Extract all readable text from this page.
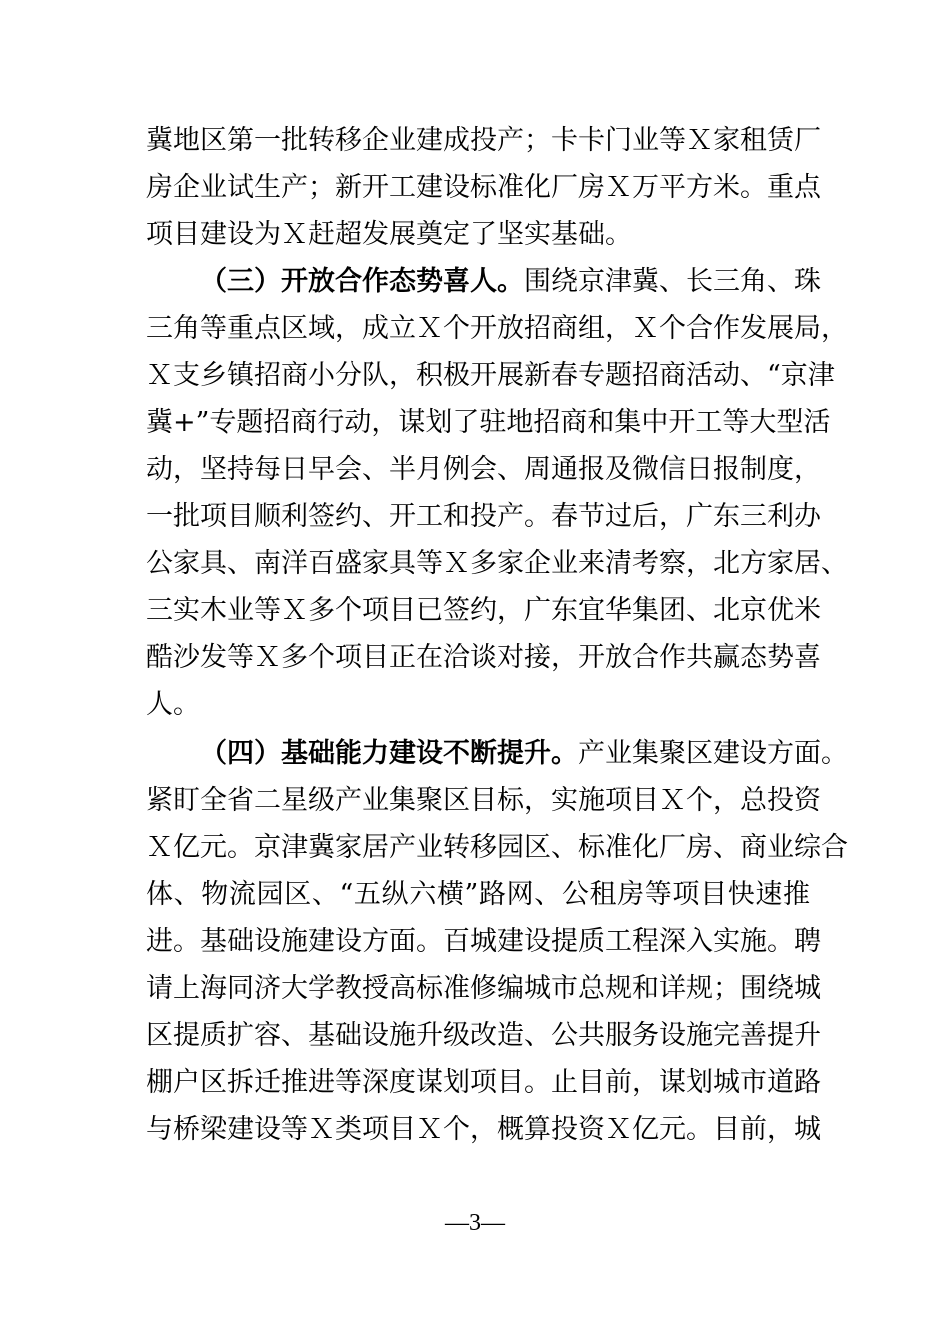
冀地区第一批转移企业建成投产；卡卡门业等Ｘ家租赁厂
房企业试生产；新开工建设标准化厂房Ｘ万平方米。重点
项目建设为Ｘ赶超发展奠定了坚实基础。
（三）开放合作态势喜人。围绕京津冀、长三角、珠
三角等重点区域，成立Ｘ个开放招商组，Ｘ个合作发展局，
Ｘ支乡镇招商小分队，积极开展新春专题招商活动、“京津
冀+”专题招商行动，谋划了驻地招商和集中开工等大型活
动，坚持每日早会、半月例会、周通报及微信日报制度，
一批项目顺利签约、开工和投产。春节过后，广东三利办
公家具、南洋百盛家具等Ｘ多家企业来清考察，北方家居、
三实木业等Ｘ多个项目已签约，广东宜华集团、北京优米
酷沙发等Ｘ多个项目正在洽谈对接，开放合作共赢态势喜
人。
（四）基础能力建设不断提升。产业集聚区建设方面。
紧盯全省二星级产业集聚区目标，实施项目Ｘ个，总投资
Ｘ亿元。京津冀家居产业转移园区、标准化厂房、商业综合
体、物流园区、“五纵六横”路网、公租房等项目快速推
进。基础设施建设方面。百城建设提质工程深入实施。聘
请上海同济大学教授高标准修编城市总规和详规；围绕城
区提质扩容、基础设施升级改造、公共服务设施完善提升
棚户区拆迁推进等深度谋划项目。止目前，谋划城市道路
与桥梁建设等Ｘ类项目Ｘ个，概算投资Ｘ亿元。目前，城
—3—
